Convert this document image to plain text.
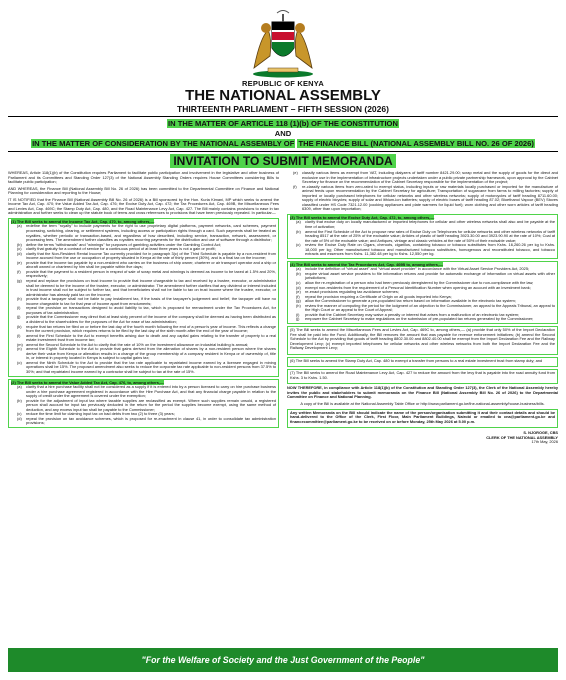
REPUBLIC OF KENYA
THE NATIONAL ASSEMBLY
THIRTEENTH PARLIAMENT – FIFTH SESSION (2026)
IN THE MATTER OF ARTICLE 118 (1)(b) OF THE CONSTITUTION
AND
IN THE MATTER OF CONSIDERATION BY THE NATIONAL ASSEMBLY OF THE FINANCE BILL (NATIONAL ASSEMBLY BILL NO. 26 OF 2026)
INVITATION TO SUBMIT MEMORANDA

WHEREAS, Article 118(1)(b) of the Constitution requires Parliament to facilitate public participation and involvement in the legislative and other business of Parliament and its Committees and Standing Order 127(3) of the National Assembly Standing Orders requires House Committees considering Bills to facilitate public participation;

AND WHEREAS, the Finance Bill (National Assembly Bill No. 26 of 2026) has been committed to the Departmental Committee on Finance and National Planning for consideration and reporting to the House;

IT IS NOTIFIED that the Finance Bill (National Assembly Bill No. 26 of 2026) is a Bill sponsored by the Hon. Kuria Kimani, MP which seeks to amend the Income Tax Act, Cap. 470; the Value Added Tax Act, Cap. 476; the Excise Duty Act, Cap. 472; the Tax Procedures Act, Cap. 469B, the Miscellaneous Fees and Levies Act, Cap. 469C; the Stamp Duty Act, Cap. 480, and the Road Maintenance Levy Act, Cap. 427. The Bill mainly contains provisions to ease in tax administration and further seeks to clean up the statute book of terms and cross references to provisions that have been previously repealed. In particular—

(1) The Bill seeks to amend the Income Tax Act, Cap. 470, to, among others,—
(a)	redefine the term "royalty" to include payments for the right to use proprietary digital platforms, payment networks, card schemes, payment processing, switching, clearing, or settlement systems, including access or participation rights through a card. Such payments shall be treated as royalties, whether periodic or transaction-based, and regardless of how described, including service, transaction, network, assessment, or processing fees. The amendment further classifies as royalties recurring payments for the distribution and use of software through a distributor;
(b)	define the terms "withdrawals" and "winnings" for purposes of gambling activities under the Gambling Control Act;
(c)	clarify that gratuity for a contract of service for a continuous period of at least three years is not a gain or profit;
(d)	clarify that the Non-Resident Rental Income Tax currently provided for in paragraph 3(c) of the Third Schedule is payable by a non-resident from income accrued from the use or occupation of property situated in Kenya at the rate of thirty percent (30%), and is a final tax on the income;
(e)	provide that the income tax payable by a non-resident who carries on the business of ship owner, charterer or air transport operator and a ship or aircraft owned or chartered by him shall be payable within five days;
(f)	provide that the payment to a resident person in respect of sale of scrap metal and winnings is deemed as income to be taxed at 1.5% and 20%, respectively;
(g)	repeal and replace the provisions on trust income to provide that income chargeable to tax and received by a trustee, executor, or administrator shall be deemed to be the income of the trustee, executor, or administrator. The amendment further clarifies that any dividend or interest included in trust income shall not be subject to further tax, and that beneficiaries shall not be liable to tax on trust income where the trustee, executor, or administrator has already paid tax on the income;
(h)	provide that a taxpayer shall not be liable to pay installment tax, if the basis of the taxpayer's judgement and belief, the taxpayer will have no income chargeable to tax for that year of income apart from emoluments;
(i)	repeal the provision on transactions designed to avoid liability to tax, which is proposed for reenactment under the Tax Procedures Act, for purposes of tax administration;
(j)	provide that the Commissioner may direct that at least sixty percent of the income of the company shall be deemed as having been distributed as a dividend to the shareholders for the purposes of the Act for ease of tax administration;
(k)	require that tax returns be filed on or before the last day of the fourth month following the end of a person's year of income. This reflects a change from the current provision, which requires returns to be filed by the last day of the sixth month after the end of the year of income;
(l)	amend the First Schedule to the Act to exempt benefits arising due to death and any capital gains relating to the transfer of property to a real estate investment trust from income tax;
(m) amend the Second Schedule to the Act to clarify that the rate of 10% on the investment allowance on industrial building is annual;
(n)	amend the Eighth Schedule to the Act to provide that gains derived from the alienation of shares by a non-resident person where the shares derive their value from Kenya or alienation results in a change of the group membership of a company resident in Kenya or of ownership of, title in, or interest in property located in Kenya is subject to capital gains tax;
(o)	amend the Ninth Schedule to the Act to provide that the tax rate applicable to repatriated income earned by a licensee engaged in mining operations shall be 15%. The proposed amendment also seeks to reduce the corporate tax rate applicable to non-resident persons from 37.5% to 30%; and that repatriated income earned by a contractor shall be subject to tax at the rate of 15%.
(2) The Bill seeks to amend the Value Added Tax Act, Cap. 476, to, among others,—
(a)	clarify that a hire purchase facility shall not be considered as a supply if it is entered into by a person licensed to carry on hire purchase business under a hire purchase agreement registered in accordance with the Hire Purchase Act, and that any financial charge payable in relation to the supply of credit under the agreement is covered under the exemption;
(b)	provide for the adjustment of input tax where taxable supplies are reclassified as exempt. Where such supplies remain unsold, a registered person shall account for input tax previously deducted in the return for the period the supplies become exempt, using the same method of deduction, and any excess input tax shall be payable to the Commissioner;
(c)	reduce the time limit for claiming input tax on bad debts from two (2) to three (3) years;
(d)	repeal the provision on tax avoidance schemes, which is proposed for re-enactment in clause 41, in order to consolidate tax administration provisions;
(e)	classify various items as exempt from VAT, including dialyzers of tariff number 8421.29.00; scrap metal and the supply of goods for the direct and exclusive use in the implementation of infrastructure projects undertaken under a public private partnership framework, upon approval by the Cabinet Secretary for finance on the recommendation of the Cabinet Secretary responsible for the implementation of the project;
(f)	re-classify various items from zero-rated to exempt status, including inputs or raw materials locally purchased or imported for the manufacture of animal feeds upon recommendation by the Cabinet Secretary for agriculture; Transportation of sugarcane from farms to milling factories; supply of imported or locally purchased telephones for cellular networks and other wireless networks; supply of motorcycles of tariff heading 8711.60.00; supply of electric bicycles; supply of solar and lithium-ion batteries; supply of electric buses of tariff heading 87.02; Bioethanol Vapour (BEV) Stoves classified under HS Code 7321.12.00 (cooking appliances and plate warmers for liquid fuel); worn clothing and other worn articles of tariff heading 6309, other than upon importation;
(3) The Bill seeks to amend the Excise Duty Act, Cap. 472, to, among others,—
(a)	clarify that excise duty on locally manufactured or imported telephones for cellular and other wireless networks shall also and be payable at the time of activation;
(b)	amend the First Schedule of the Act to propose new rates of Excise Duty on Telephones for cellular networks and other wireless networks of tariff heading 8517 at the rate of 25% of the excisable value; Articles of plastic of tariff heading 3923.30.00 and 3923.90.90 at the rate of 10%; Coal at the rate of 5% of the excisable value; and Antiques, vintage and classic vehicles at the rate of 50% of their excisable value;
(c)	review the Excise Duty Rate on Cigars, cheroots, cigarillos, containing tobacco or tobacco substitutes from Kshs. 16,260.26 per kg to Kshs. 18,000 per kg; Other manufactured tobacco and manufactured tobacco substitutes, homogenous and reconstituted tobacco, and tobacco extracts and essences from Kshs. 11,382.48 per kg to Kshs. 12,550 per kg.
(4) The Bill seeks to amend the Tax Procedures Act, Cap. 469B to, among others,—
(a)	include the definition of "virtual asset" and "virtual asset provider" in accordance with the Virtual Asset Service Providers Act, 2025;
(b)	require virtual asset service providers to file information returns and provide for automatic exchange of information on virtual assets with other jurisdictions;
(c)	allow the re-registration of a person who had been previously deregistered by the Commissioner due to non-compliance with the law;
(d)	exempt non-residents from the requirement of a Personal Identification Number when opening an account with an investment bank;
(e)	re-enact provisions regulating tax avoidance schemes;
(f)	repeal the provision requiring a Certificate of Origin on all goods imported into Kenya;
(g)	allow the Commissioner to generate a pre-populated tax return based on information available in the electronic tax system;
(h)	review the manner of computing the period for the lodgment of an objection to the Commissioner, an appeal to the Appeals Tribunal, an appeal to the High Court or an appeal to the Court of Appeal;
(i)	provide that the Cabinet Secretary may waive a penalty or interest that arises from a malfunction of an electronic tax system;
(j)	empower the Cabinet Secretary to make regulations on the submission of pre-populated tax returns generated by the Commissioner;

(5) The Bill seeks to amend the Miscellaneous Fees and Levies Act, Cap. 469C to, among others,— (a) provide that only 50% of the Import Declaration Fee shall be paid into the Fund. Additionally, the Bill removes the amount that was payable for revenue enforcement initiatives; (b) amend the Second Schedule to the Act by providing that goods of tariff heading 8802.30.00 and 8802.40.00 shall be exempt from the Import Declaration Fee and the Railway Development Levy; (c) exempt imported telephones for cellular networks and other wireless networks from both the Import Declaration Fee and the Railway Development Levy;

(6) The Bill seeks to amend the Stamp Duty Act, Cap. 480 to exempt a transfer from persons to a real estate investment trust from stamp duty; and

(7) The Bill seeks to amend the Road Maintenance Levy Act, Cap. 427 to reduce the amount from the levy that is payable into the road annuity fund from Kshs. 3 to Kshs. 1.50.

NOW THEREFORE, in compliance with Article 118(1)(b) of the Constitution and Standing Order 127(3), the Clerk of the National Assembly hereby invites the public and stakeholders to submit memoranda on the Finance Bill (National Assembly Bill No. 26 of 2026) to the Departmental Committee on Finance and National Planning.

A copy of the Bill is available at the National Assembly Table Office or http://www.parliament.go.ke/the-national-assembly/house-business/bills.

Any written Memoranda on the Bill should indicate the name of the person/organisation submitting it and their contact details and should be hand-delivered to the Office of the Clerk, First Floor, Main Parliament Buildings, Nairobi or emailed to cna@parliament.go.ke and financecommittee@parliament.go.ke to be received on or before Monday, 25th May 2026 at 5.00 p.m.

S. NJOROGE, CBS
CLERK OF THE NATIONAL ASSEMBLY
17th May, 2026
"For the Welfare of Society and the Just Government of the People"
